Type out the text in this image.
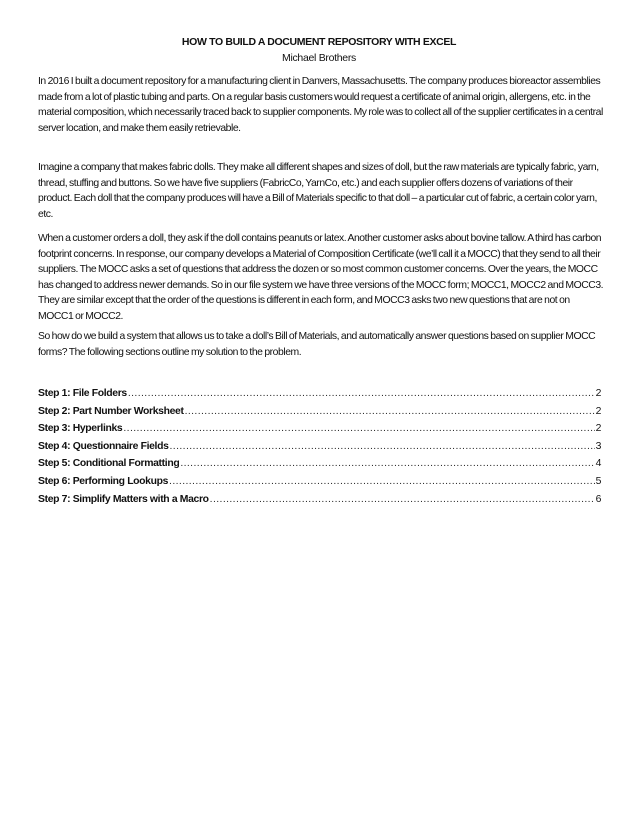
HOW TO BUILD A DOCUMENT REPOSITORY WITH EXCEL
Michael Brothers

In 2016 I built a document repository for a manufacturing client in Danvers, Massachusetts. The company produces bioreactor assemblies made from a lot of plastic tubing and parts. On a regular basis customers would request a certificate of animal origin, allergens, etc. in the material composition, which necessarily traced back to supplier components. My role was to collect all of the supplier certificates in a central server location, and make them easily retrievable.

Imagine a company that makes fabric dolls. They make all different shapes and sizes of doll, but the raw materials are typically fabric, yarn, thread, stuffing and buttons. So we have five suppliers (FabricCo, YarnCo, etc.) and each supplier offers dozens of variations of their product. Each doll that the company produces will have a Bill of Materials specific to that doll – a particular cut of fabric, a certain color yarn, etc.

When a customer orders a doll, they ask if the doll contains peanuts or latex. Another customer asks about bovine tallow. A third has carbon footprint concerns. In response, our company develops a Material of Composition Certificate (we’ll call it a MOCC) that they send to all their suppliers. The MOCC asks a set of questions that address the dozen or so most common customer concerns. Over the years, the MOCC has changed to address newer demands. So in our file system we have three versions of the MOCC form; MOCC1, MOCC2 and MOCC3. They are similar except that the order of the questions is different in each form, and MOCC3 asks two new questions that are not on MOCC1 or MOCC2.

So how do we build a system that allows us to take a doll’s Bill of Materials, and automatically answer questions based on supplier MOCC forms? The following sections outline my solution to the problem.

Step 1: File Folders .....	2
Step 2: Part Number Worksheet .....	2
Step 3: Hyperlinks .....	2
Step 4: Questionnaire Fields .....	3
Step 5: Conditional Formatting .....	4
Step 6: Performing Lookups .....	5
Step 7: Simplify Matters with a Macro .....	6
